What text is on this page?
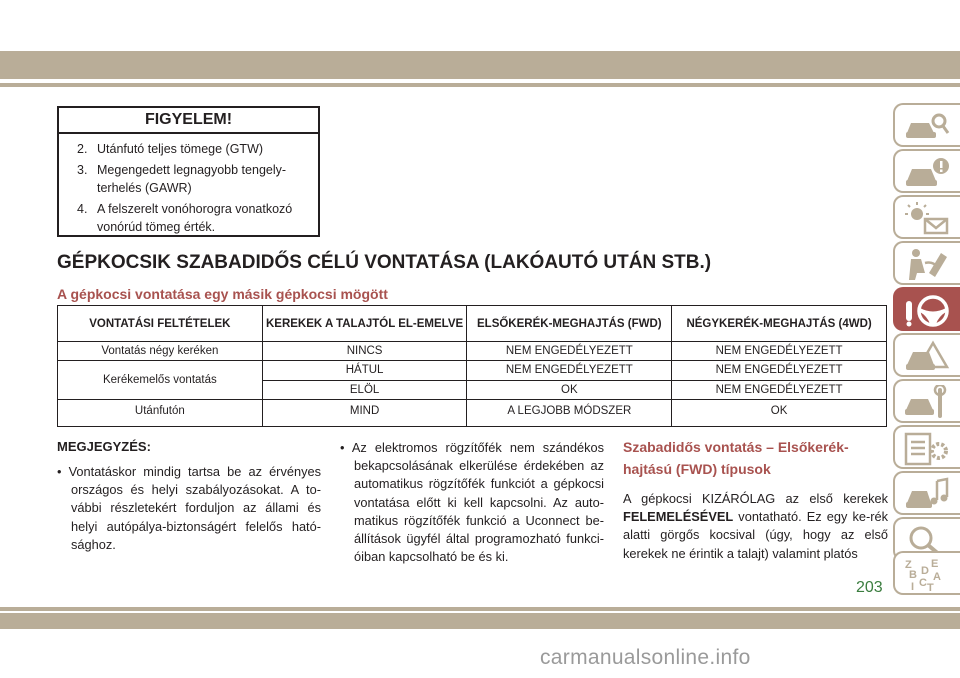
FIGYELEM!
2. Utánfutó teljes tömege (GTW)
3. Megengedett legnagyobb tengely-terhelés (GAWR)
4. A felszerelt vonóhorogra vonatkozó vonórúd tömeg érték.
GÉPKOCSIK SZABADIDŐS CÉLÚ VONTATÁSA (LAKÓAUTÓ UTÁN STB.)
A gépkocsi vontatása egy másik gépkocsi mögött
VONTATÁSI FELTÉTELEK	KEREKEK A TALAJTÓL EL-EMELVE	ELSŐKERÉK-MEGHAJTÁS (FWD)	NÉGYKERÉK-MEGHAJTÁS (4WD)
Vontatás négy keréken	NINCS	NEM ENGEDÉLYEZETT	NEM ENGEDÉLYEZETT
Kerékemelős vontatás	HÁTUL	NEM ENGEDÉLYEZETT	NEM ENGEDÉLYEZETT
	ELÖL	OK	NEM ENGEDÉLYEZETT
Utánfutón	MIND	A LEGJOBB MÓDSZER	OK
MEGJEGYZÉS:

• Vontatáskor mindig tartsa be az érvényes országos és helyi szabályozásokat. A to-vábbi részletekért forduljon az állami és helyi autópálya-biztonságért felelős ható-sághoz.

• Az elektromos rögzítőfék nem szándékos bekapcsolásának elkerülése érdekében az automatikus rögzítőfék funkciót a gépkocsi vontatása előtt ki kell kapcsolni. Az auto-matikus rögzítőfék funkció a Uconnect be-állítások ügyfél által programozható funkci-óiban kapcsolható be és ki.

Szabadidős vontatás – Elsőkerék-hajtású (FWD) típusok

A gépkocsi KIZÁRÓLAG az első kerekek FELEMELÉSÉVEL vontatható. Ez egy ke-rék alatti görgős kocsival (úgy, hogy az első kerekek ne érintik a talajt) valamint platós

Z E
B D A
I C T
203
carmanualsonline.info
